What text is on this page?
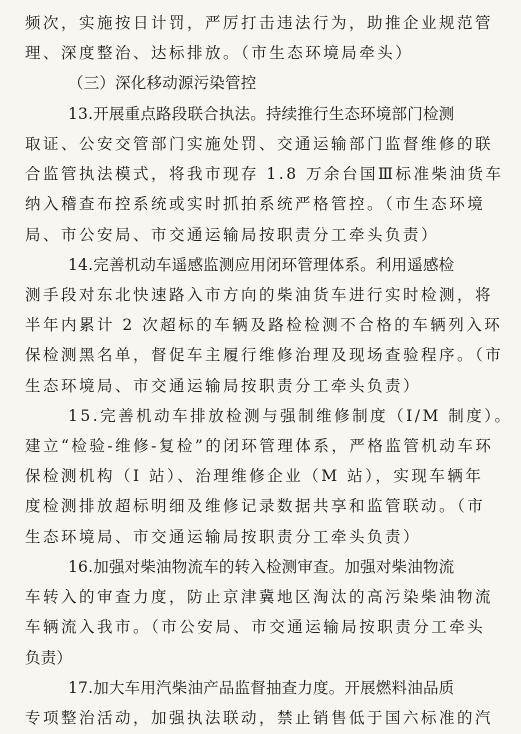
频次，实施按日计罚，严厉打击违法行为，助推企业规范管
理、深度整治、达标排放。（市生态环境局牵头）
（三）深化移动源污染管控
13.开展重点路段联合执法。持续推行生态环境部门检测
取证、公安交管部门实施处罚、交通运输部门监督维修的联
合监管执法模式，将我市现存 1.8 万余台国Ⅲ标准柴油货车
纳入稽查布控系统或实时抓拍系统严格管控。（市生态环境
局、市公安局、市交通运输局按职责分工牵头负责）
14.完善机动车遥感监测应用闭环管理体系。利用遥感检
测手段对东北快速路入市方向的柴油货车进行实时检测，将
半年内累计 2 次超标的车辆及路检检测不合格的车辆列入环
保检测黑名单，督促车主履行维修治理及现场查验程序。（市
生态环境局、市交通运输局按职责分工牵头负责）
15.完善机动车排放检测与强制维修制度（I/M 制度）。
建立“检验-维修-复检”的闭环管理体系，严格监管机动车环
保检测机构（I 站）、治理维修企业（M 站），实现车辆年
度检测排放超标明细及维修记录数据共享和监管联动。（市
生态环境局、市交通运输局按职责分工牵头负责）
16.加强对柴油物流车的转入检测审查。加强对柴油物流
车转入的审查力度，防止京津冀地区淘汰的高污染柴油物流
车辆流入我市。（市公安局、市交通运输局按职责分工牵头
负责）
17.加大车用汽柴油产品监督抽查力度。开展燃料油品质
专项整治活动，加强执法联动，禁止销售低于国六标准的汽
